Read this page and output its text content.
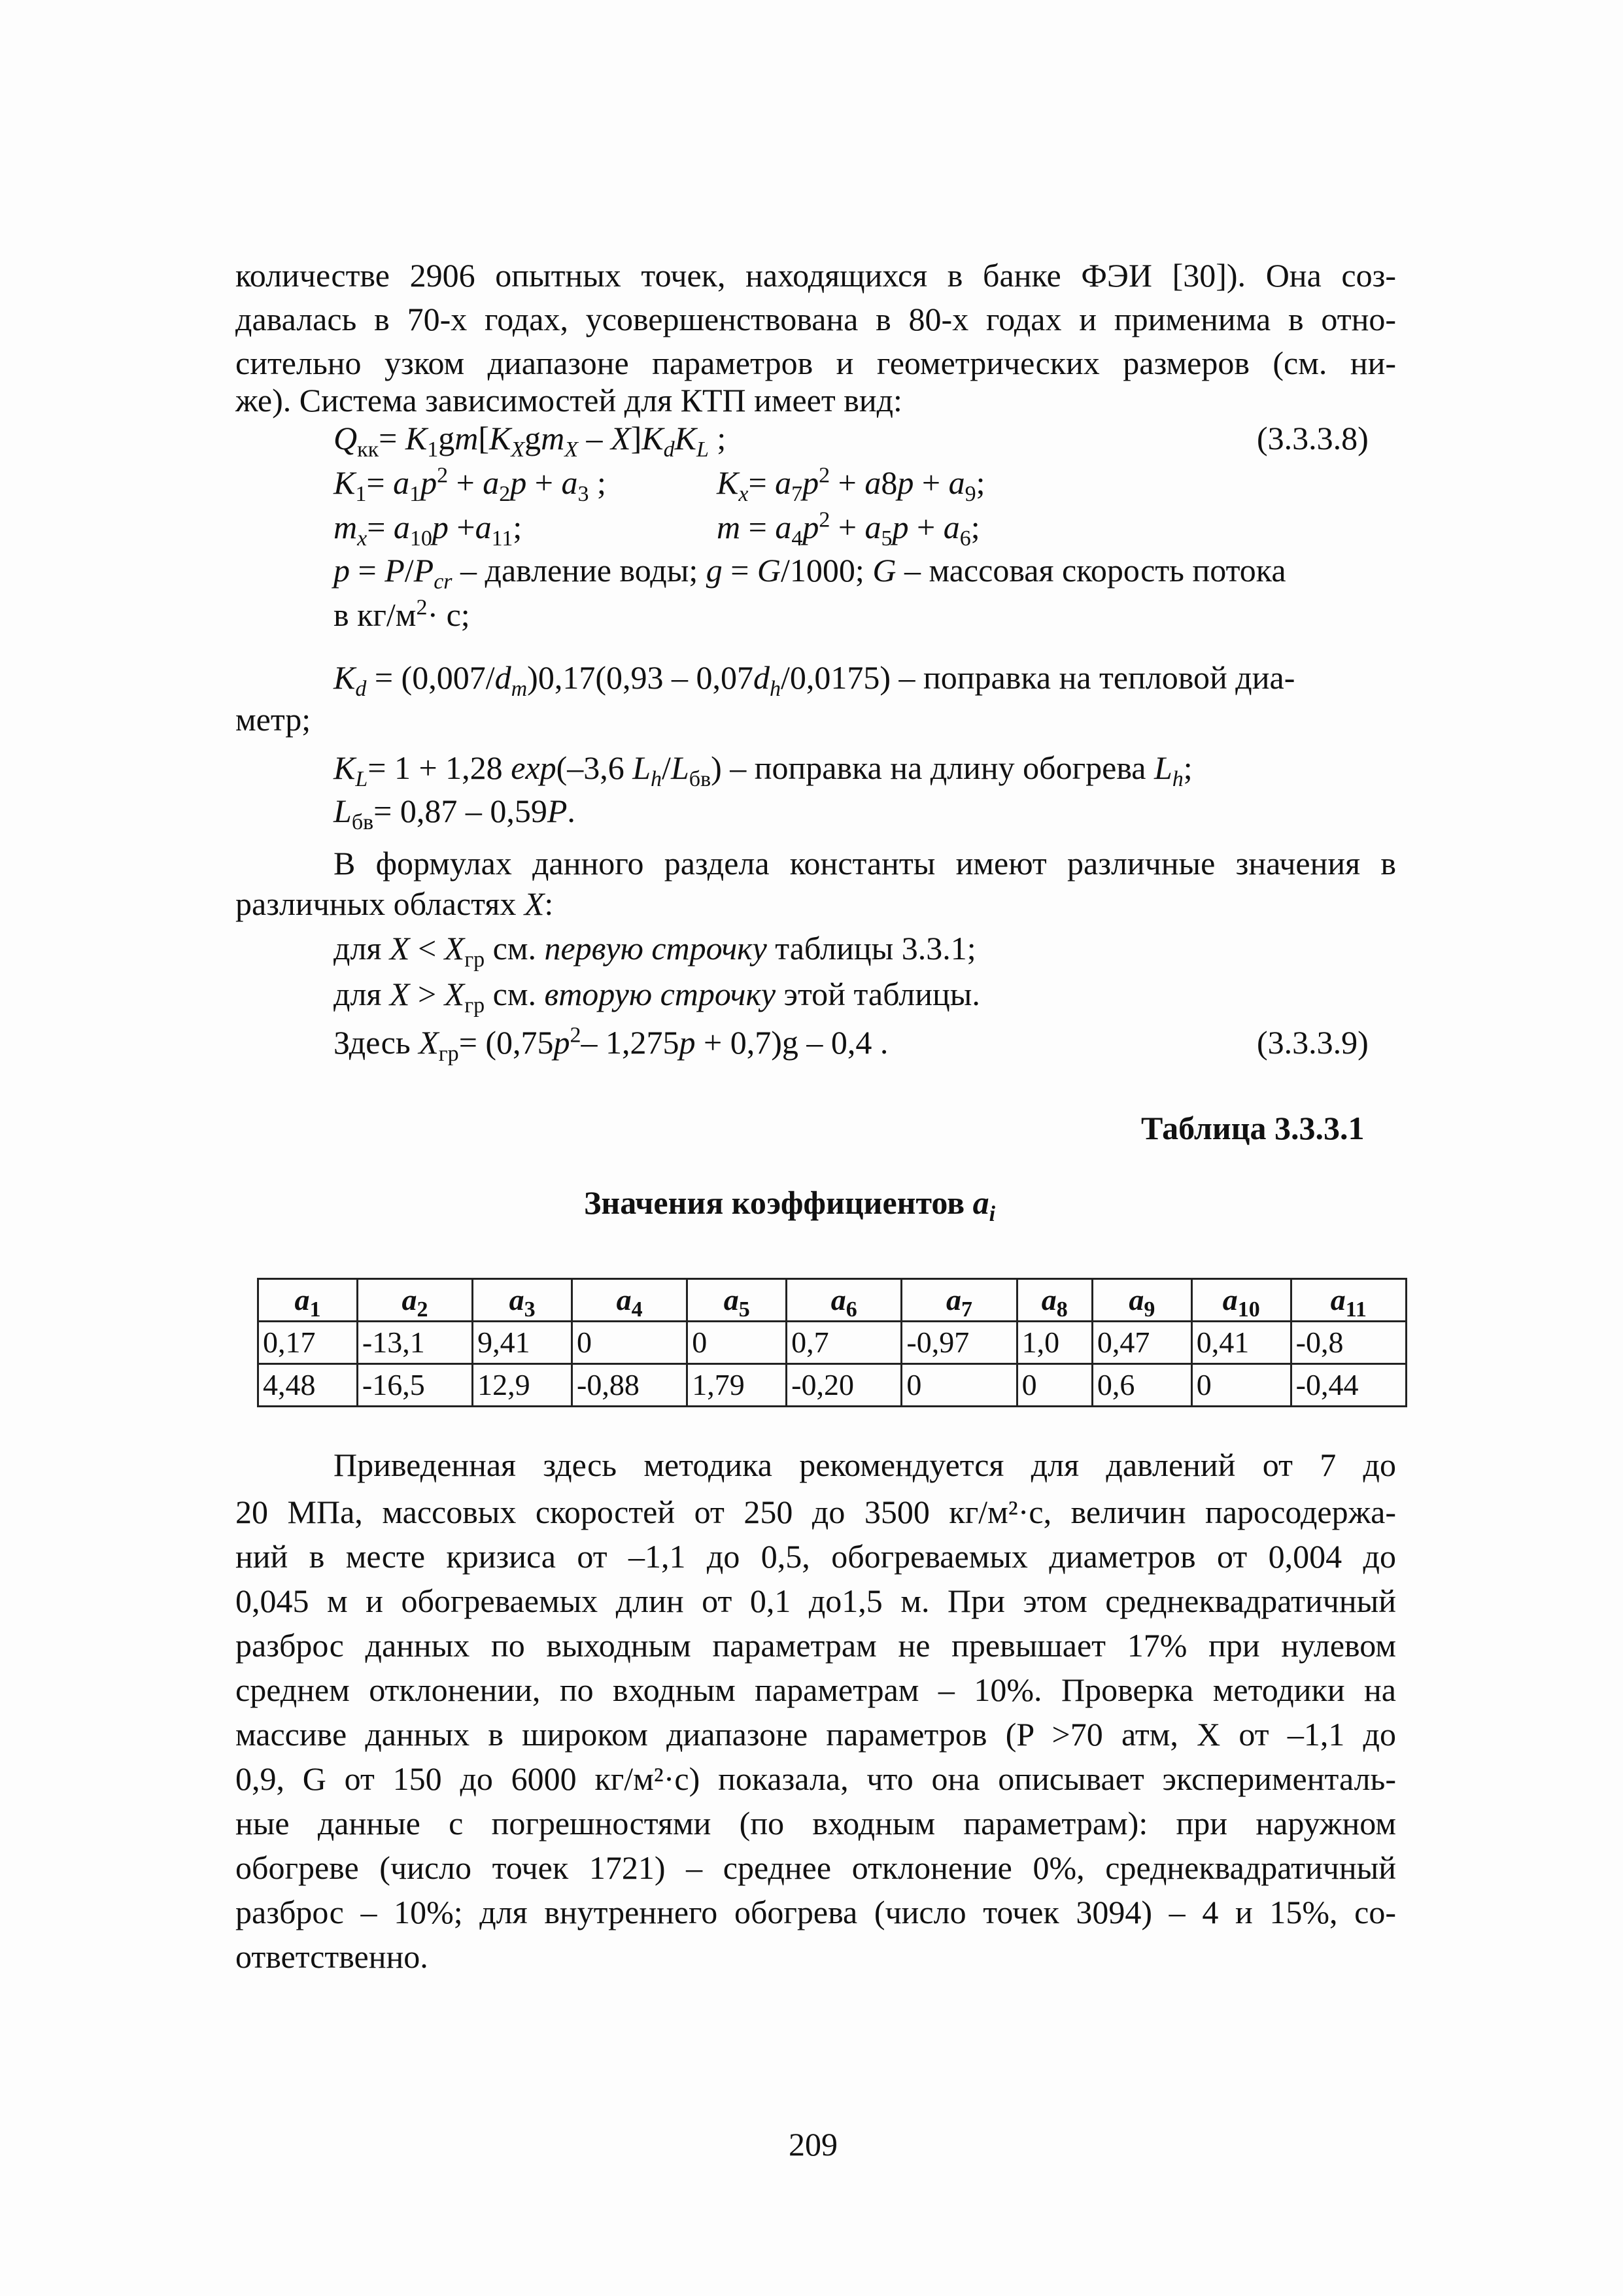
количестве 2906 опытных точек, находящихся в банке ФЭИ [30]). Она соз-
давалась в 70-х годах, усовершенствована в 80-х годах и применима в отно-
сительно узком диапазоне параметров и геометрических размеров (см. ни-
же). Система зависимостей для КТП имеет вид:
$Q_{кк}= K_1gm[K_Xgm_X - X]K_dK_L$ ;	(3.3.3.8)
$K_1= a_1p^2 + a_2p + a_3$ ;	$K_x= a_7p^2 + a8p + a_9$;
$m_x= a_{10}p +a_{11}$;	$m = a_4p^2 + a_5p + a_6$;
$p = P/P_{cr}$ – давление воды; g = G/1000; G – массовая скорость потока
в $кг/м^2\cdot с$;
$K_d = (0,007/d_m)0,17(0,93 - 0,07d_h/0,0175)$ – поправка на тепловой диа-
метр;
$K_L= 1 + 1,28$ exp(–3,6 $L_h/L_{бв}$) – поправка на длину обогрева $L_h$;
$L_{бв}= 0,87 - 0,59P$.
В формулах данного раздела константы имеют различные значения в
различных областях X:
для $X < X_{гр}$ см. первую строчку таблицы 3.3.1;
для $X > X_{гр}$ см. вторую строчку этой таблицы.
Здесь $X_{гр}= (0,75p^2-$ 1,275p + 0,7)g – 0,4 .	(3.3.3.9)
Таблица 3.3.3.1
Значения коэффициентов $a_i$
$a_1$	$a_2$	$a_3$	$a_4$	$a_5$	$a_6$	$a_7$	$a_8$	$a_9$	$a_{10}$	$a_{11}$
0,17	-13,1	9,41	0	0	0,7	-0,97	1,0	0,47	0,41	-0,8
4,48	-16,5	12,9	-0,88	1,79	-0,20	0	0	0,6	0	-0,44
Приведенная здесь методика рекомендуется для давлений от 7 до
20 МПа, массовых скоростей от 250 до 3500 кг/м²·с, величин паросодержа-
ний в месте кризиса от –1,1 до 0,5, обогреваемых диаметров от 0,004 до
0,045 м и обогреваемых длин от 0,1 до1,5 м. При этом среднеквадратичный
разброс данных по выходным параметрам не превышает 17% при нулевом
среднем отклонении, по входным параметрам – 10%. Проверка методики на
массиве данных в широком диапазоне параметров (P >70 атм, X от –1,1 до
0,9, G от 150 до 6000 кг/м²·с) показала, что она описывает эксперименталь-
ные данные с погрешностями (по входным параметрам): при наружном
обогреве (число точек 1721) – среднее отклонение 0%, среднеквадратичный
разброс – 10%; для внутреннего обогрева (число точек 3094) – 4 и 15%, со-
ответственно.
209
